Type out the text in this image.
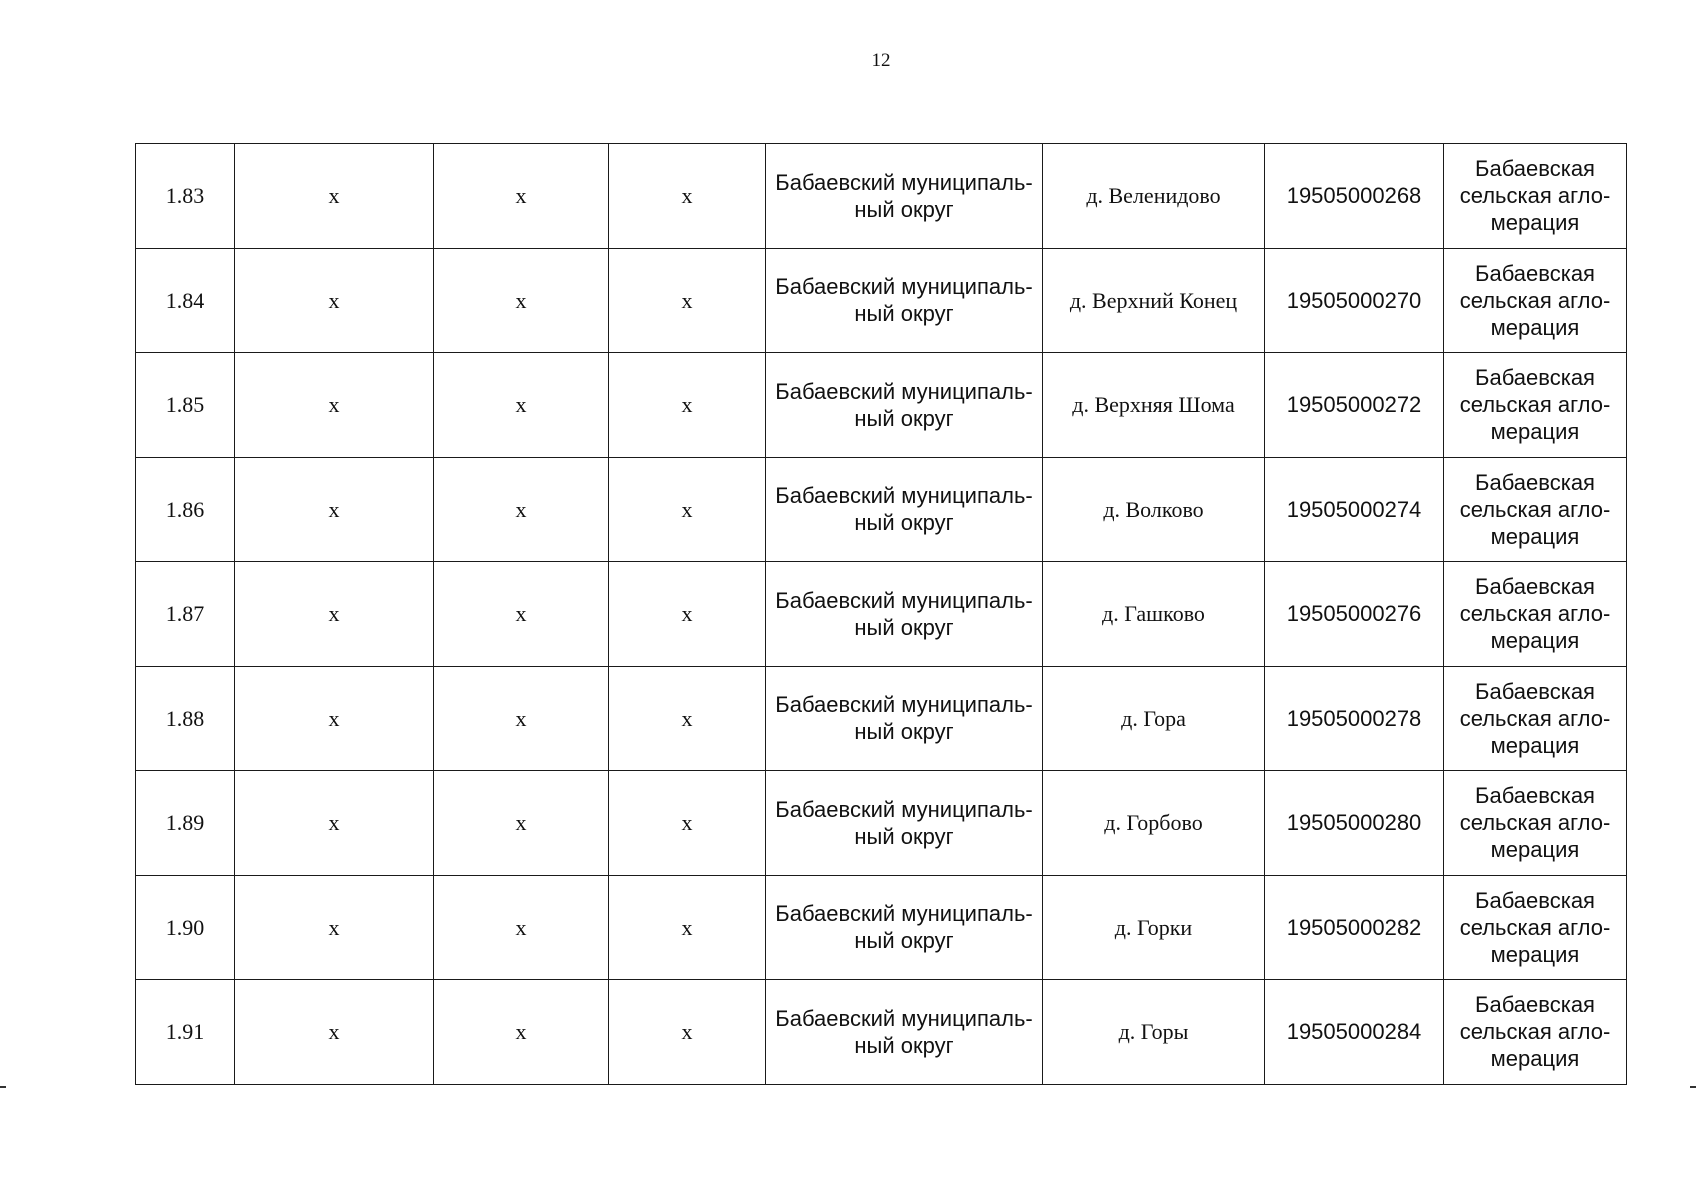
12
1.83	x	x	x	Бабаевский муниципаль-
ный округ	д. Веленидово	19505000268	Бабаевская
сельская агло-
мерация
1.84	x	x	x	Бабаевский муниципаль-
ный округ	д. Верхний Конец	19505000270	Бабаевская
сельская агло-
мерация
1.85	x	x	x	Бабаевский муниципаль-
ный округ	д. Верхняя Шома	19505000272	Бабаевская
сельская агло-
мерация
1.86	x	x	x	Бабаевский муниципаль-
ный округ	д. Волково	19505000274	Бабаевская
сельская агло-
мерация
1.87	x	x	x	Бабаевский муниципаль-
ный округ	д. Гашково	19505000276	Бабаевская
сельская агло-
мерация
1.88	x	x	x	Бабаевский муниципаль-
ный округ	д. Гора	19505000278	Бабаевская
сельская агло-
мерация
1.89	x	x	x	Бабаевский муниципаль-
ный округ	д. Горбово	19505000280	Бабаевская
сельская агло-
мерация
1.90	x	x	x	Бабаевский муниципаль-
ный округ	д. Горки	19505000282	Бабаевская
сельская агло-
мерация
1.91	x	x	x	Бабаевский муниципаль-
ный округ	д. Горы	19505000284	Бабаевская
сельская агло-
мерация
